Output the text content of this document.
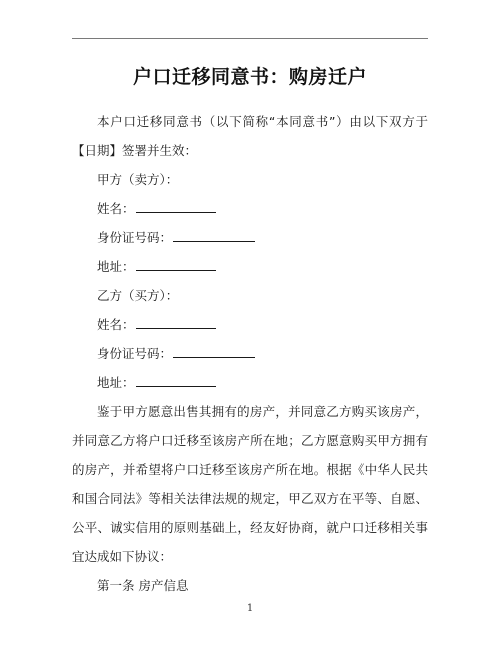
户口迁移同意书：购房迁户

本户口迁移同意书（以下简称“本同意书”）由以下双方于【日期】签署并生效：

甲方（卖方）：

姓名：

身份证号码：

地址：

乙方（买方）：

姓名：

身份证号码：

地址：

鉴于甲方愿意出售其拥有的房产，并同意乙方购买该房产，并同意乙方将户口迁移至该房产所在地；乙方愿意购买甲方拥有的房产，并希望将户口迁移至该房产所在地。根据《中华人民共和国合同法》等相关法律法规的规定，甲乙双方在平等、自愿、公平、诚实信用的原则基础上，经友好协商，就户口迁移相关事宜达成如下协议：

第一条 房产信息

1
